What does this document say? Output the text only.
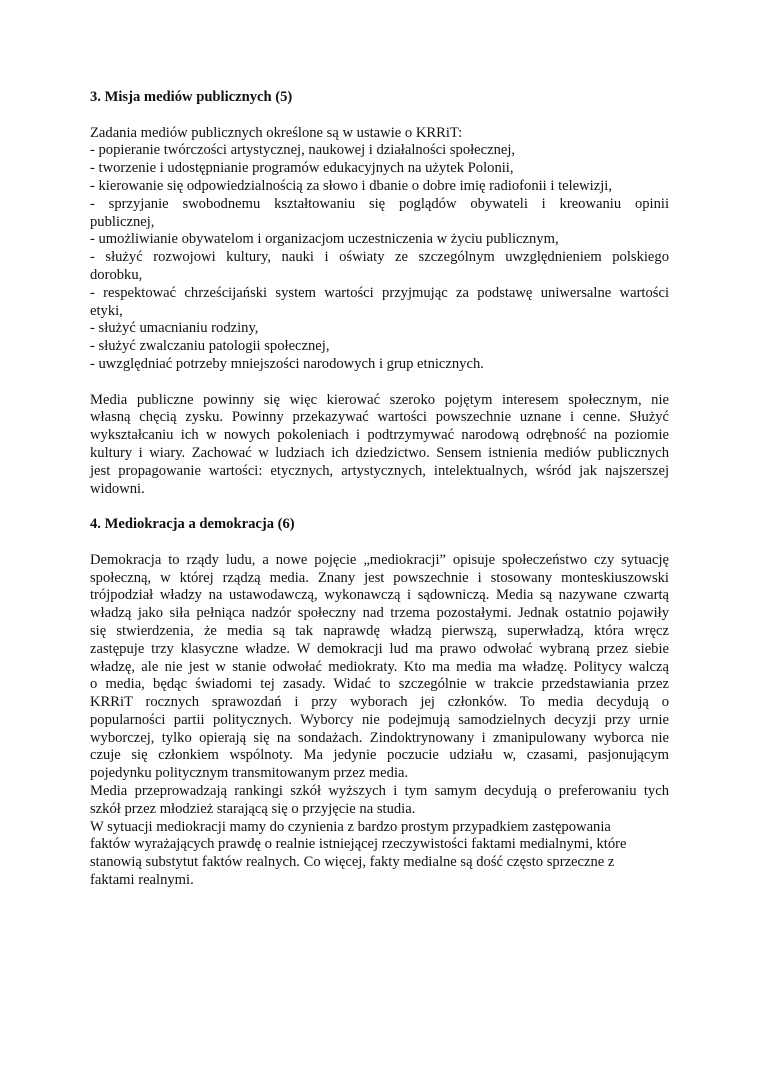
3. Misja mediów publicznych (5)

Zadania mediów publicznych określone są w ustawie o KRRiT:

- popieranie twórczości artystycznej, naukowej i działalności społecznej,

- tworzenie i udostępnianie programów edukacyjnych na użytek Polonii,

- kierowanie się odpowiedzialnością za słowo i dbanie o dobre imię radiofonii i telewizji,

- sprzyjanie swobodnemu kształtowaniu się poglądów obywateli i kreowaniu opinii

publicznej,

- umożliwianie obywatelom i organizacjom uczestniczenia w życiu publicznym,

- służyć rozwojowi kultury, nauki i oświaty ze szczególnym uwzględnieniem polskiego

dorobku,

- respektować chrześcijański system wartości przyjmując za podstawę uniwersalne wartości

etyki,

- służyć umacnianiu rodziny,

- służyć zwalczaniu patologii społecznej,

- uwzględniać potrzeby mniejszości narodowych i grup etnicznych.

Media publiczne powinny się więc kierować szeroko pojętym interesem społecznym, nie

własną chęcią zysku. Powinny przekazywać wartości powszechnie uznane i cenne. Służyć

wykształcaniu ich w nowych pokoleniach i podtrzymywać narodową odrębność na poziomie

kultury i wiary. Zachować w ludziach ich dziedzictwo. Sensem istnienia mediów publicznych

jest propagowanie wartości: etycznych, artystycznych, intelektualnych, wśród jak najszerszej

widowni.

4. Mediokracja a demokracja (6)

Demokracja to rządy ludu, a nowe pojęcie „mediokracji” opisuje społeczeństwo czy sytuację

społeczną, w której rządzą media. Znany jest powszechnie i stosowany monteskiuszowski

trójpodział władzy na ustawodawczą, wykonawczą i sądowniczą. Media są nazywane czwartą

władzą jako siła pełniąca nadzór społeczny nad trzema pozostałymi. Jednak ostatnio pojawiły

się stwierdzenia, że media są tak naprawdę władzą pierwszą, superwładzą, która wręcz

zastępuje trzy klasyczne władze. W demokracji lud ma prawo odwołać wybraną przez siebie

władzę, ale nie jest w stanie odwołać mediokraty. Kto ma media ma władzę. Politycy walczą

o media, będąc świadomi tej zasady. Widać to szczególnie w trakcie przedstawiania przez

KRRiT rocznych sprawozdań i przy wyborach jej członków. To media decydują o

popularności partii politycznych. Wyborcy nie podejmują samodzielnych decyzji przy urnie

wyborczej, tylko opierają się na sondażach. Zindoktrynowany i zmanipulowany wyborca nie

czuje się członkiem wspólnoty. Ma jedynie poczucie udziału w, czasami, pasjonującym

pojedynku politycznym transmitowanym przez media.

Media przeprowadzają rankingi szkół wyższych i tym samym decydują o preferowaniu tych

szkół przez młodzież starającą się o przyjęcie na studia.

W sytuacji mediokracji mamy do czynienia z bardzo prostym przypadkiem zastępowania

faktów wyrażających prawdę o realnie istniejącej rzeczywistości faktami medialnymi, które

stanowią substytut faktów realnych. Co więcej, fakty medialne są dość często sprzeczne z

faktami realnymi.
